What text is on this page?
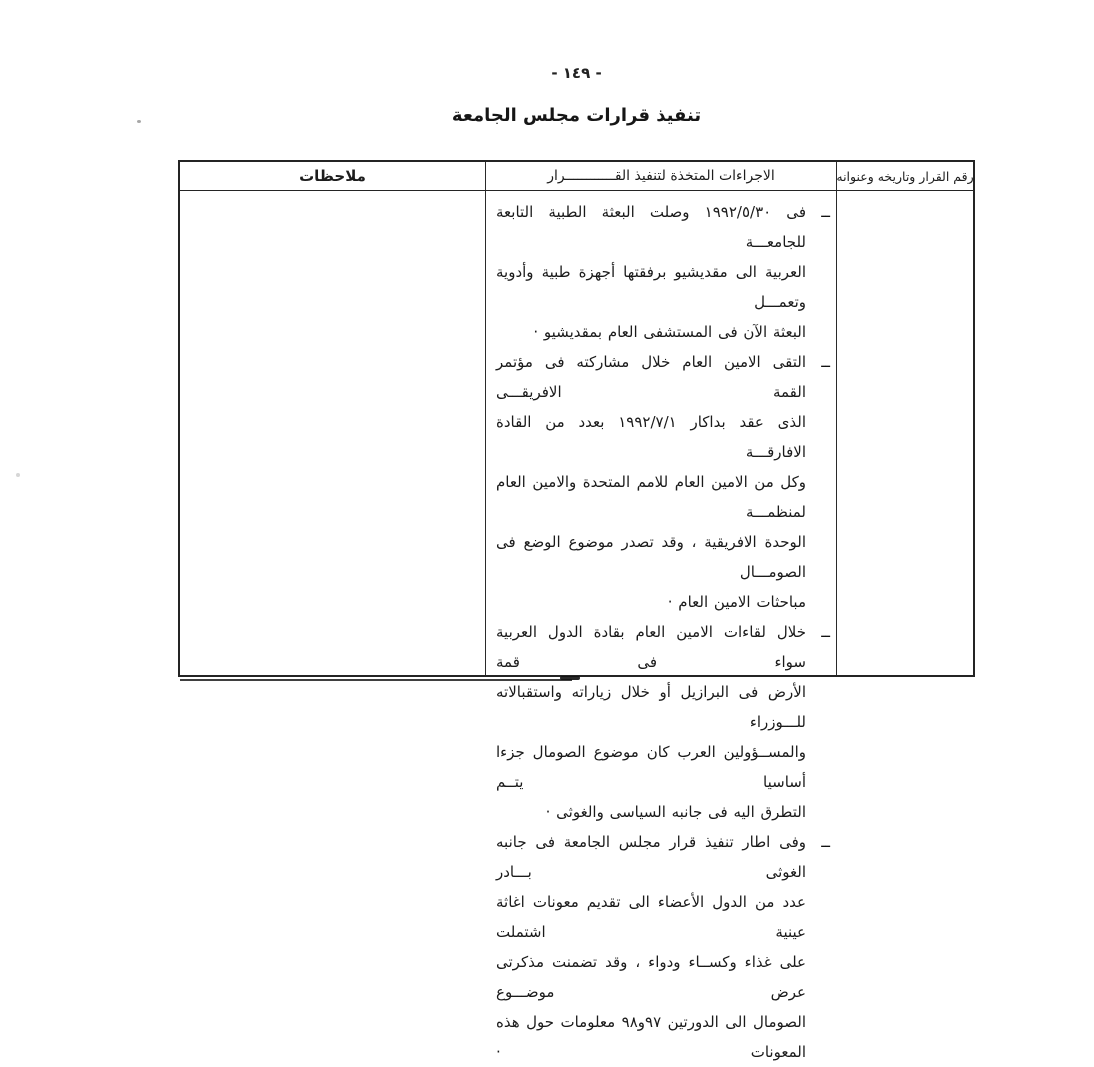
- ١٤٩ -
تنفيذ قرارات مجلس الجامعة
رقم القرار وتاريخه وعنوانه
الاجراءات المتخذة لتنفيذ القــــــــــــرار
ملاحظات
ــ
فى ١٩٩٢/٥/٣٠ وصلت البعثة الطبية التابعة للجامعـــة
العربية الى مقديشيو برفقتها أجهزة طبية وأدوية وتعمـــل
البعثة الآن فى المستشفى العام بمقديشيو ·
ــ
التقى الامين العام خلال مشاركته فى مؤتمر القمة الافريقـــى
الذى عقد بداكار ١٩٩٢/٧/١ بعدد من القادة الافارقـــة
وكل من الامين العام للامم المتحدة والامين العام لمنظمـــة
الوحدة الافريقية ، وقد تصدر موضوع الوضع فى الصومـــال
مباحثات الامين العام ·
ــ
خلال لقاءات الامين العام بقادة الدول العربية سواء فى قمة
الأرض فى البرازيل أو خلال زياراته واستقبالاته للـــوزراء
والمســؤولين العرب كان موضوع الصومال جزءا أساسيا يتــم
التطرق اليه فى جانبه السياسى والغوثى ·
ــ
وفى اطار تنفيذ قرار مجلس الجامعة فى جانبه الغوثى بـــادر
عدد من الدول الأعضاء الى تقديم معونات اغاثة عينية اشتملت
على غذاء وكســاء ودواء ، وقد تضمنت مذكرتى عرض موضـــوع
الصومال الى الدورتين ٩٧و٩٨ معلومات حول هذه المعونات ·
